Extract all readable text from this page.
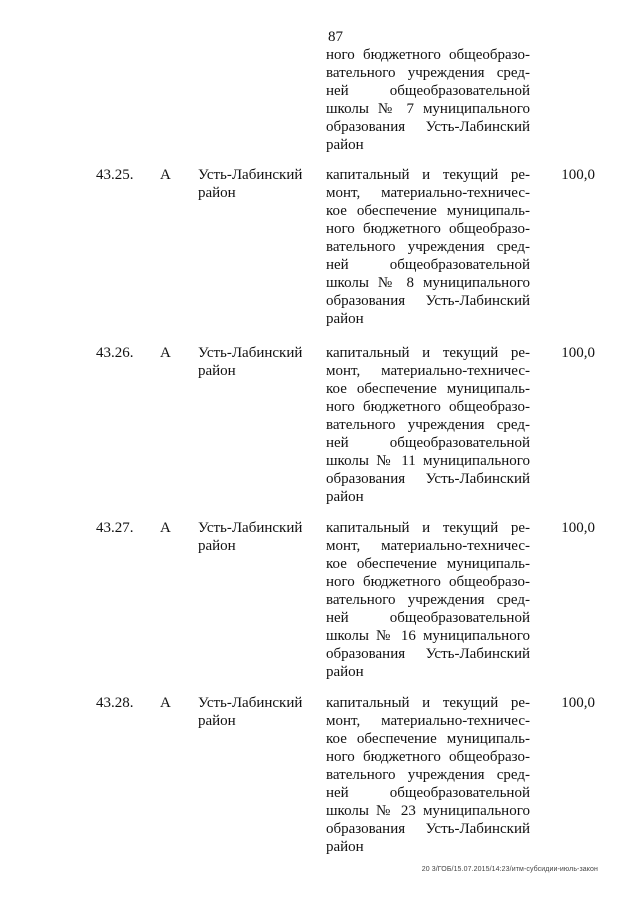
87
ного бюджетного общеобразо-
вательного учреждения сред-
ней общеобразовательной
школы № 7 муниципального
образования Усть-Лабинский
район
43.25. А Усть-Лабинский
район
капитальный и текущий ре-
монт, материально-техничес-
кое обеспечение муниципаль-
ного бюджетного общеобразо-
вательного учреждения сред-
ней общеобразовательной
школы № 8 муниципального
образования Усть-Лабинский
район
100,0
43.26. А Усть-Лабинский
район
капитальный и текущий ре-
монт, материально-техничес-
кое обеспечение муниципаль-
ного бюджетного общеобразо-
вательного учреждения сред-
ней общеобразовательной
школы № 11 муниципального
образования Усть-Лабинский
район
100,0
43.27. А Усть-Лабинский
район
капитальный и текущий ре-
монт, материально-техничес-
кое обеспечение муниципаль-
ного бюджетного общеобразо-
вательного учреждения сред-
ней общеобразовательной
школы № 16 муниципального
образования Усть-Лабинский
район
100,0
43.28. А Усть-Лабинский
район
капитальный и текущий ре-
монт, материально-техничес-
кое обеспечение муниципаль-
ного бюджетного общеобразо-
вательного учреждения сред-
ней общеобразовательной
школы № 23 муниципального
образования Усть-Лабинский
район
100,0
20 3/ГОБ/15.07.2015/14:23/итм-субсидии-июль-закон
